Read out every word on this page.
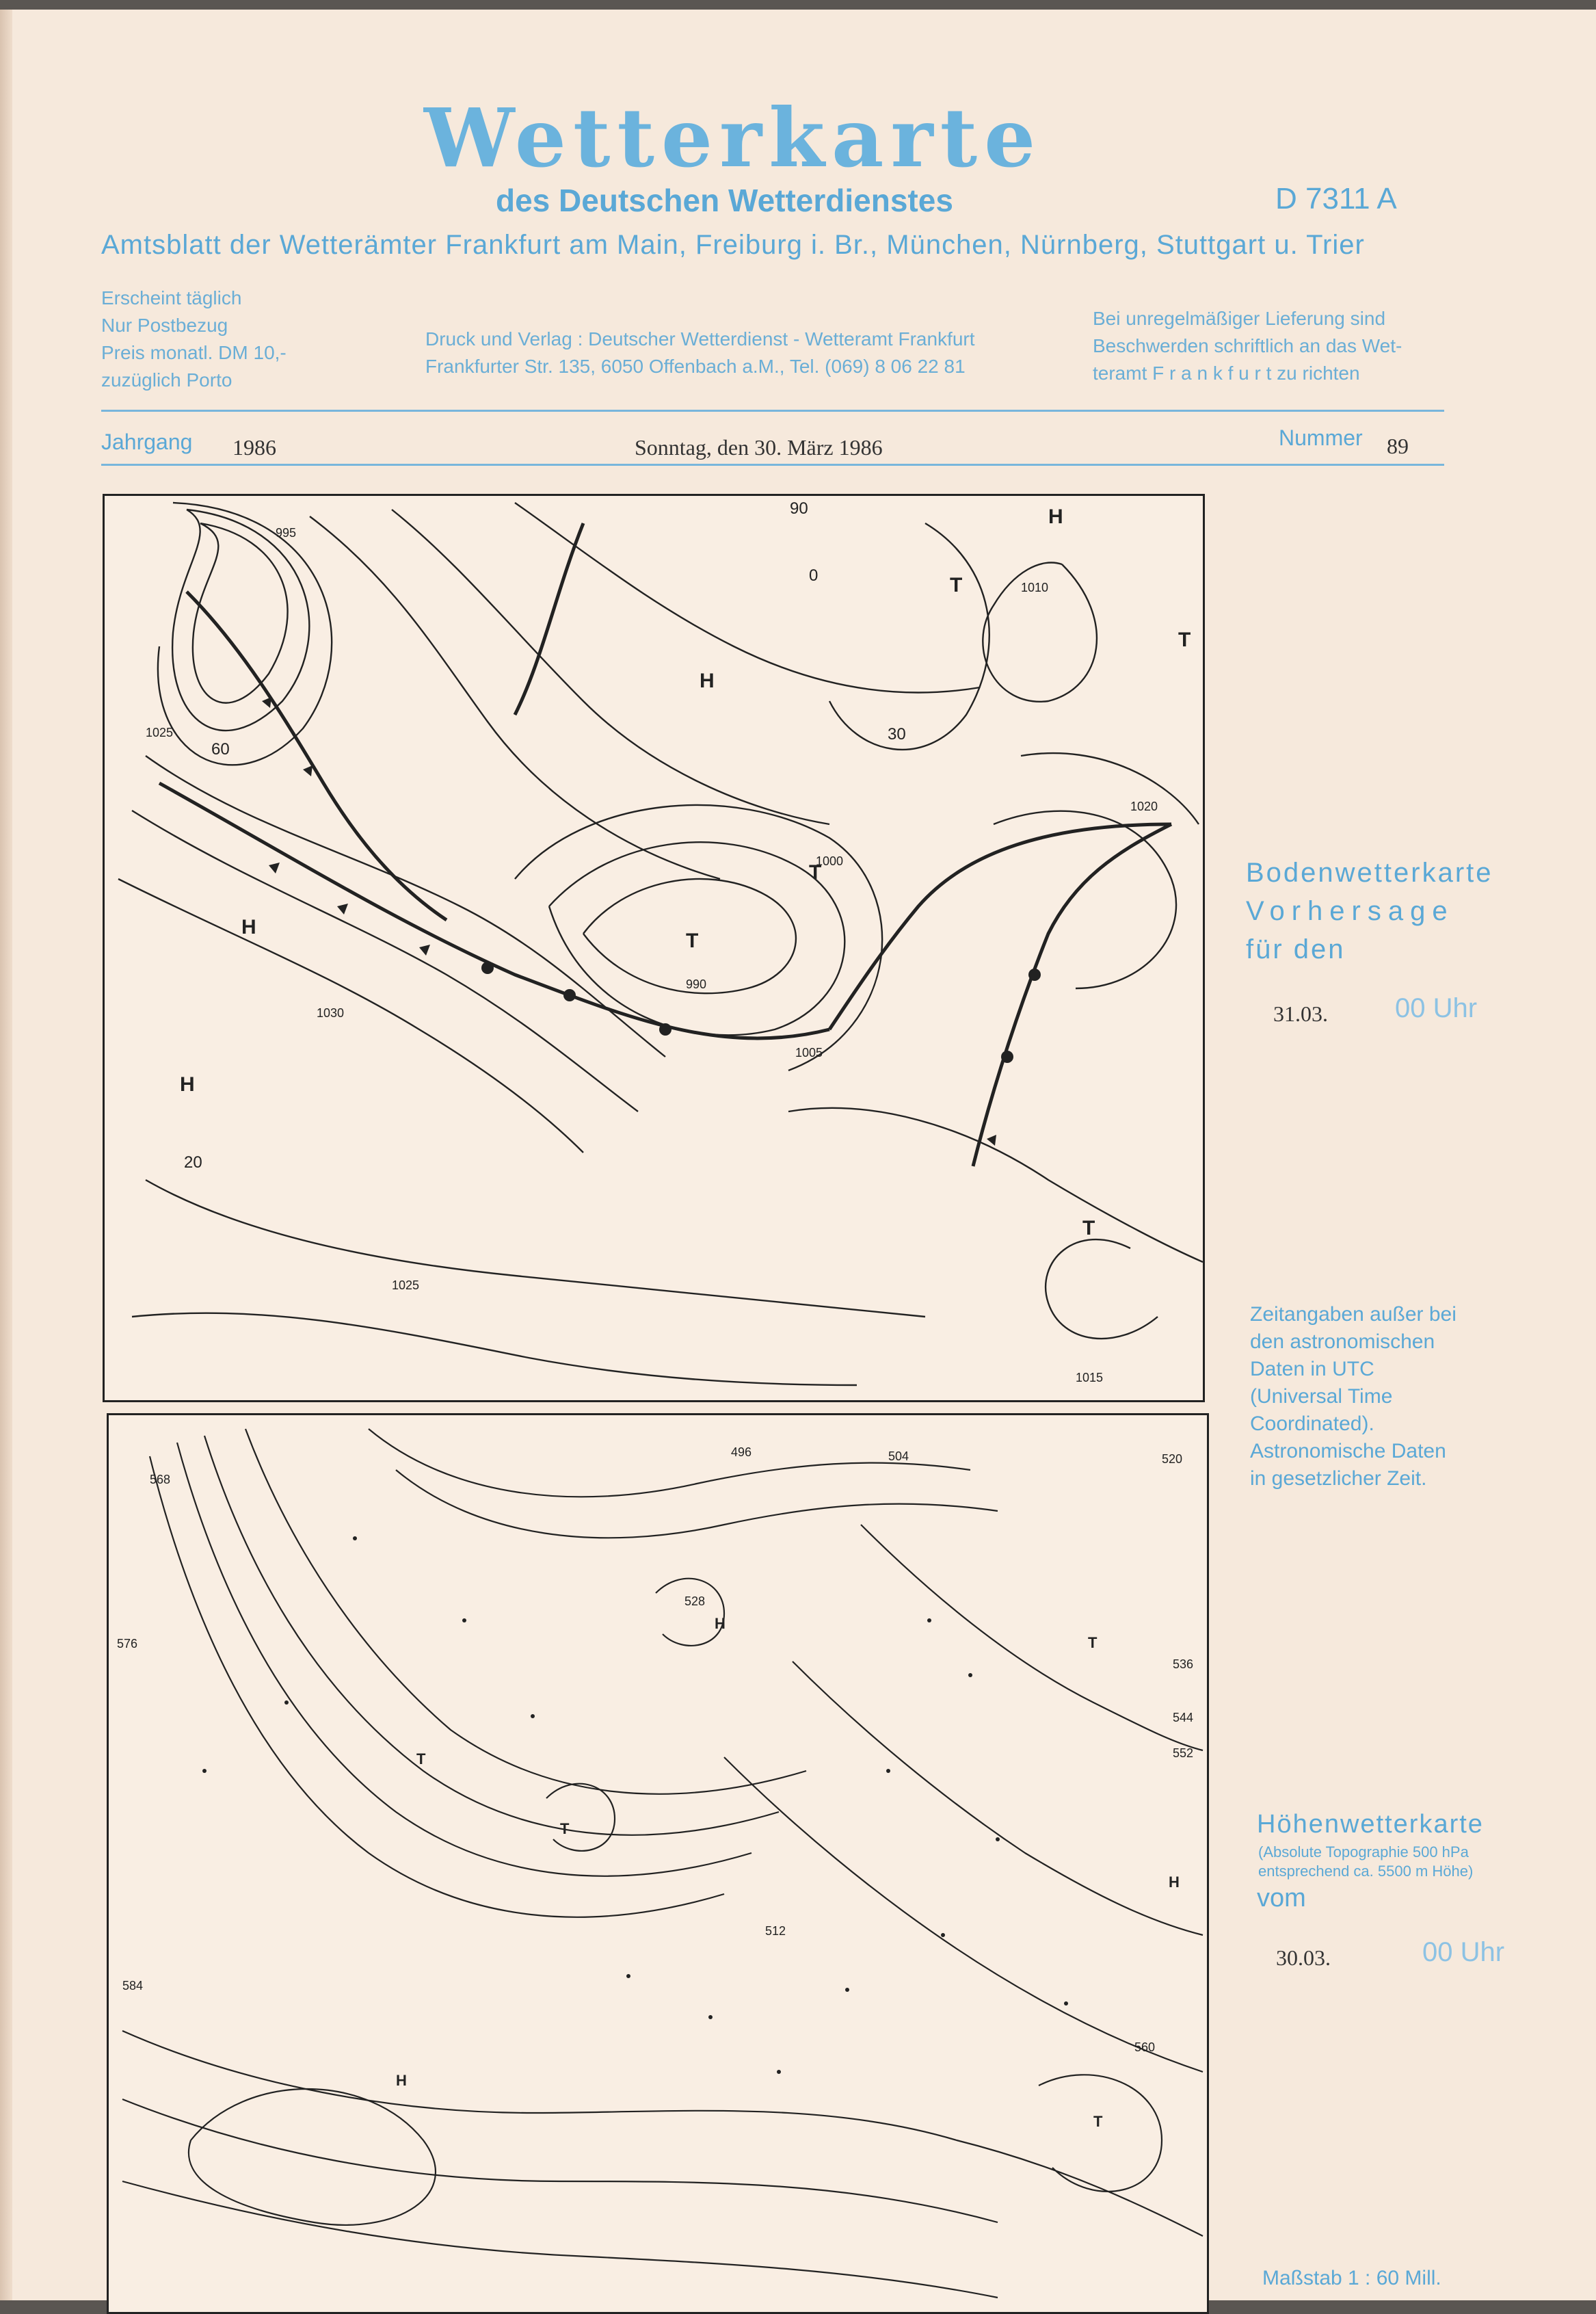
Wetterkarte
des Deutschen Wetterdienstes	D 7311 A
Amtsblatt der Wetterämter Frankfurt am Main, Freiburg i. Br., München, Nürnberg, Stuttgart u. Trier
Erscheint täglich
Nur Postbezug
Preis monatl. DM 10,-
zuzüglich Porto
Druck und Verlag : Deutscher Wetterdienst - Wetteramt Frankfurt
Frankfurter Str. 135, 6050 Offenbach a.M., Tel. (069) 8 06 22 81
Bei unregelmäßiger Lieferung sind
Beschwerden schriftlich an das Wet-
teramt F r a n k f u r t zu richten
Jahrgang 1986	Sonntag, den 30. März 1986	Nummer 89
H
H
H
H
T
T
T
T
T
995
1000
1005
1010
1015
1020
1025
1030
990
1025
60
30
20
0
90
496	504
512
520
528
536
544
552
560
568
576
584
H
H
H
T
T
T
T
Bodenwetterkarte
Vorhersage
für den
31.03. 00 Uhr
Zeitangaben außer bei
den astronomischen
Daten in UTC
(Universal Time
Coordinated).
Astronomische Daten
in gesetzlicher Zeit.
Höhenwetterkarte
(Absolute Topographie 500 hPa
entsprechend ca. 5500 m Höhe)
vom
30.03.	00 Uhr
Maßstab 1 : 60 Mill.
